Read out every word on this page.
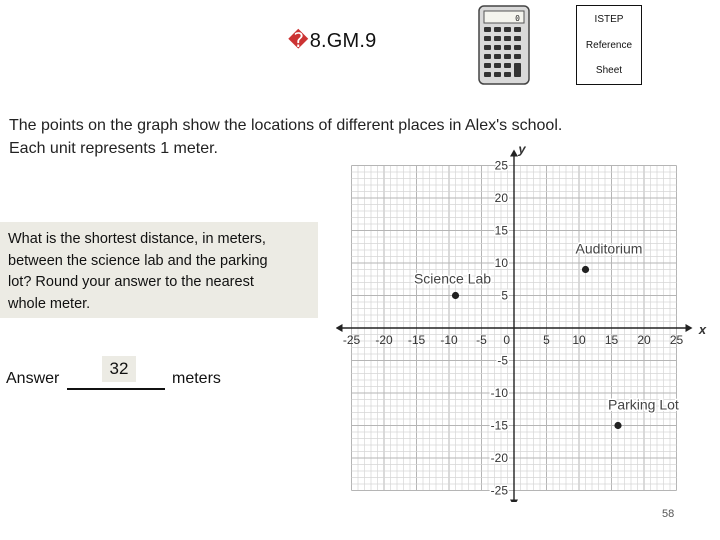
�8.GM.9
0	ISTEP
Reference
Sheet
The points on the graph show the locations of different places in Alex's school.
Each unit represents 1 meter.
What is the shortest distance, in meters,
between the science lab and the parking
lot? Round your answer to the nearest
whole meter.
Answer	meters
32
-25 -20 -15 -10 -5	5 10 15 20 25
25
20
15
10
5
-5
-10
-15
-20
-25
0
x
y
Science Lab
Auditorium
Parking Lot
58
